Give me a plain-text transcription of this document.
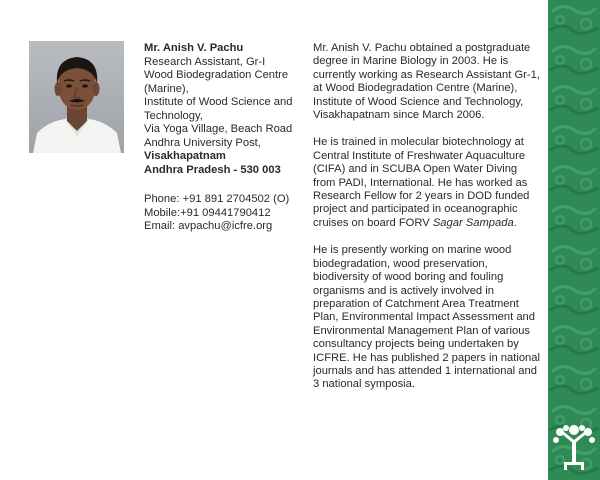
Mr. Anish V. Pachu
Research Assistant, Gr-I
Wood Biodegradation Centre
(Marine),
Institute of Wood Science and
Technology,
Via Yoga Village, Beach Road
Andhra University Post,
Visakhapatnam
Andhra Pradesh - 530 003
Phone: +91 891 2704502 (O)
Mobile:+91 09441790412
Email: avpachu@icfre.org

Mr. Anish V. Pachu obtained a postgraduate degree in Marine Biology in 2003. He is currently working as Research Assistant Gr-1, at Wood Biodegradation Centre (Marine), Institute of Wood Science and Technology, Visakhapatnam since March 2006.

He is trained in molecular biotechnology at Central Institute of Freshwater Aquaculture (CIFA) and in SCUBA Open Water Diving from PADI, International. He has worked as Research Fellow for 2 years in DOD funded project and participated in oceanographic cruises on board FORV Sagar Sampada.

He is presently working on marine wood biodegradation, wood preservation, biodiversity of wood boring and fouling organisms and is actively involved in preparation of Catchment Area Treatment Plan, Environmental Impact Assessment and Environmental Management Plan of various consultancy projects being undertaken by ICFRE. He has published 2 papers in national journals and has attended 1 international and 3 national symposia.
